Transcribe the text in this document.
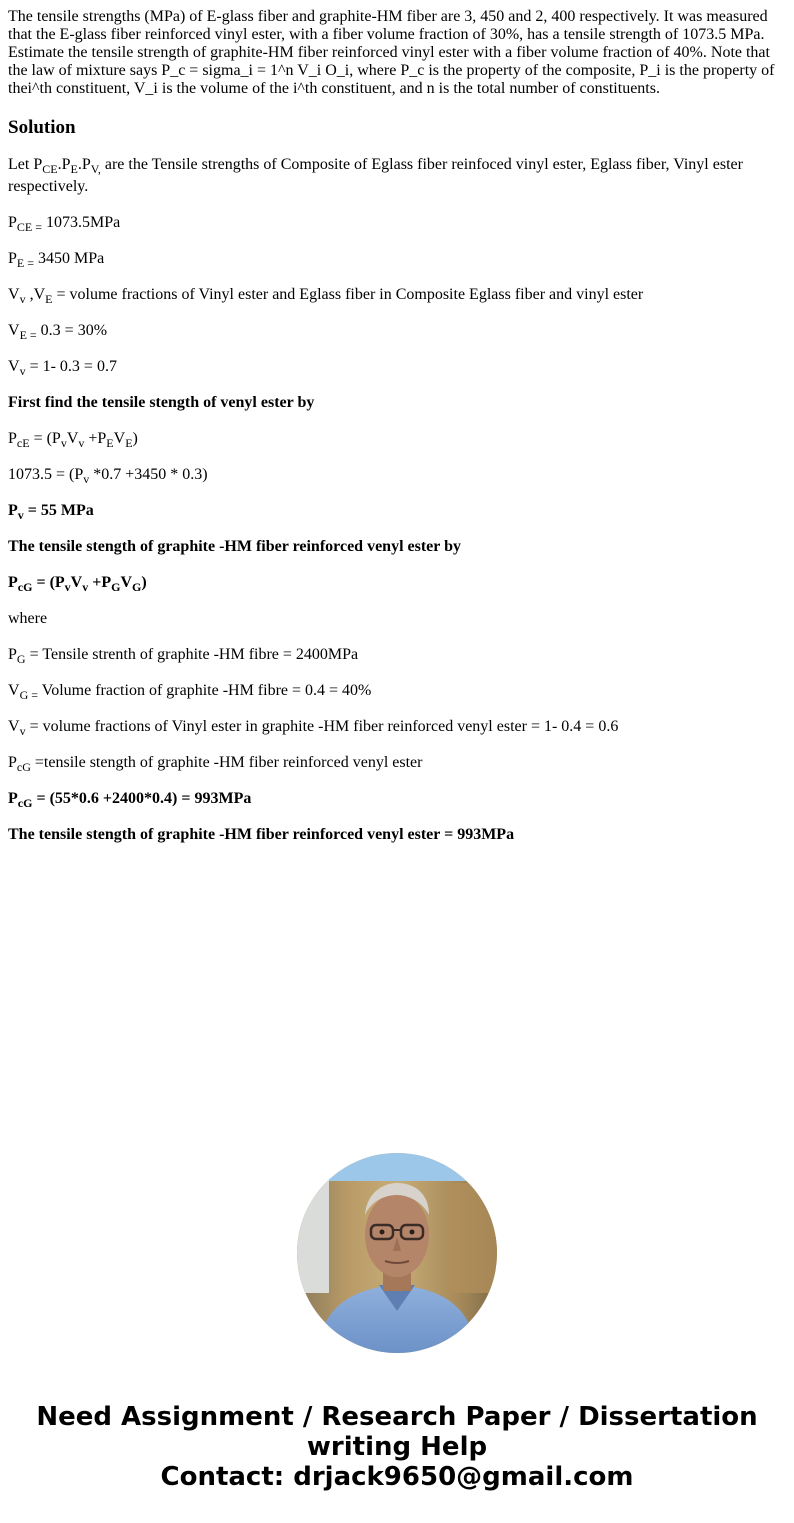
The tensile strengths (MPa) of E-glass fiber and graphite-HM fiber are 3, 450 and 2, 400 respectively. It was measured that the E-glass fiber reinforced vinyl ester, with a fiber volume fraction of 30%, has a tensile strength of 1073.5 MPa. Estimate the tensile strength of graphite-HM fiber reinforced vinyl ester with a fiber volume fraction of 40%. Note that the law of mixture says P_c = sigma_i = 1^n V_i O_i, where P_c is the property of the composite, P_i is the property of thei^th constituent, V_i is the volume of the i^th constituent, and n is the total number of constituents.
Solution

Let $P_{CE}.P_E.P_{V,}$ are the Tensile strengths of Composite of Eglass fiber reinfoced vinyl ester, Eglass fiber, Vinyl ester respectively.

$P_{CE =}$ 1073.5MPa

$P_{E =}$ 3450 MPa

$V_v$ $,V_E$ = volume fractions of Vinyl ester and Eglass fiber in Composite Eglass fiber and vinyl ester

$V_{E =}$ 0.3 = 30%

$V_v = 1-$ 0.3 = 0.7

First find the tensile stength of venyl ester by

$P_{cE} = (P_vV_v +P_EV_E)$

$1073.5 = (P_v$ *0.7 +3450 * 0.3)

$P_v = 55$ MPa

The tensile stength of graphite -HM fiber reinforced venyl ester by

$P_{cG} = (P_vV_v +P_GV_G)$

where

$P_G$ = Tensile strenth of graphite -HM fibre = 2400MPa

$V_{G =}$ Volume fraction of graphite -HM fibre = 0.4 = 40%

$V_v$ = volume fractions of Vinyl ester in graphite -HM fiber reinforced venyl ester = 1- 0.4 = 0.6

$P_{cG}$ =tensile stength of graphite -HM fiber reinforced venyl ester

$P_{cG} = (55*0.6 +2400*0.4) = 993MPa$

The tensile stength of graphite -HM fiber reinforced venyl ester = 993MPa

Need Assignment / Research Paper / Dissertation
writing Help
Contact: drjack9650@gmail.com
